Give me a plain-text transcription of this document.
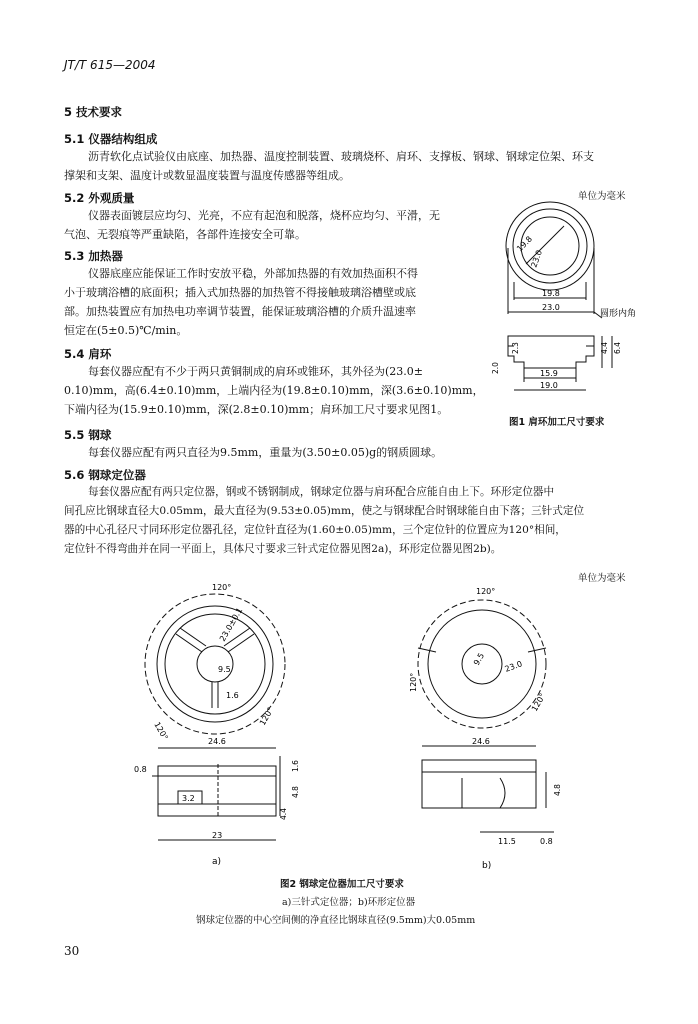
JT/T 615—2004
5 技术要求
5.1 仪器结构组成
沥青软化点试验仪由底座、加热器、温度控制装置、玻璃烧杯、肩环、支撑板、钢球、钢球定位架、环支
撑架和支架、温度计或数显温度装置与温度传感器等组成。
5.2 外观质量
仪器表面镀层应均匀、光亮，不应有起泡和脱落，烧杯应均匀、平滑，无
气泡、无裂痕等严重缺陷，各部件连接安全可靠。
5.3 加热器
仪器底座应能保证工作时安放平稳，外部加热器的有效加热面积不得
小于玻璃浴槽的底面积；插入式加热器的加热管不得接触玻璃浴槽壁或底
部。加热装置应有加热电功率调节装置，能保证玻璃浴槽的介质升温速率
恒定在(5±0.5)℃/min。
5.4 肩环
每套仪器应配有不少于两只黄铜制成的肩环或锥环，其外径为(23.0±
0.10)mm，高(6.4±0.10)mm，上端内径为(19.8±0.10)mm，深(3.6±0.10)mm，
下端内径为(15.9±0.10)mm，深(2.8±0.10)mm；肩环加工尺寸要求见图1。
5.5 钢球
每套仪器应配有两只直径为9.5mm，重量为(3.50±0.05)g的钢质圆球。
5.6 钢球定位器
每套仪器应配有两只定位器，钢或不锈钢制成，钢球定位器与肩环配合应能自由上下。环形定位器中
间孔应比钢球直径大0.05mm，最大直径为(9.53±0.05)mm，使之与钢球配合时钢球能自由下落；三针式定位
器的中心孔径尺寸同环形定位器孔径，定位针直径为(1.60±0.05)mm，三个定位针的位置应为120°相间，
定位针不得弯曲并在同一平面上，具体尺寸要求三针式定位器见图2a)，环形定位器见图2b)。
单位为毫米
19.8
23.0
19.8
23.0
圆形内角
2.3	4.4 6.4
2.0	15.9
19.0
图1 肩环加工尺寸要求
单位为毫米
120°
120°
120°
23.0±0.1
9.5
1.6
24.6
0.8
3.2
1.6
4.8
4.4
23
a)
120°
120°
120°
9.5 23.0
24.6
4.8
11.5	0.8
b)
图2 钢球定位器加工尺寸要求
a)三针式定位器；b)环形定位器
钢球定位器的中心空间侧的净直径比钢球直径(9.5mm)大0.05mm
30
